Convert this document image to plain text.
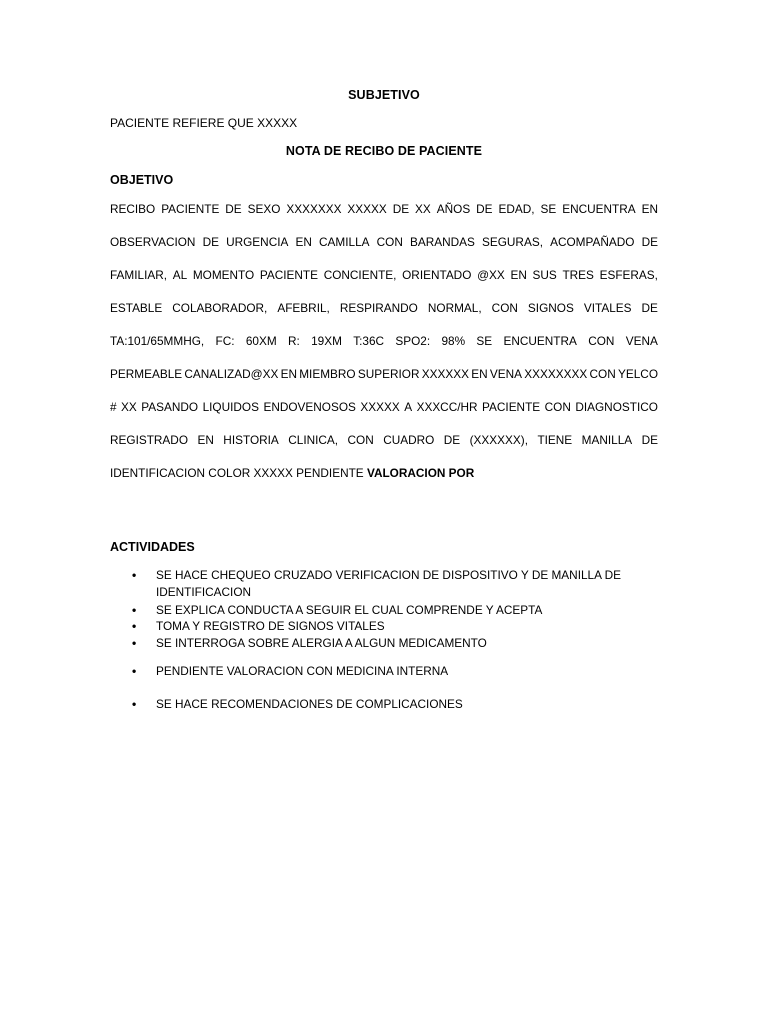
SUBJETIVO
PACIENTE REFIERE QUE XXXXX
NOTA DE RECIBO DE PACIENTE
OBJETIVO
RECIBO PACIENTE DE SEXO XXXXXXX XXXXX DE XX AÑOS DE EDAD, SE ENCUENTRA EN
OBSERVACION DE URGENCIA EN CAMILLA CON BARANDAS SEGURAS, ACOMPAÑADO DE
FAMILIAR, AL MOMENTO PACIENTE CONCIENTE, ORIENTADO @XX EN SUS TRES ESFERAS,
ESTABLE COLABORADOR, AFEBRIL, RESPIRANDO NORMAL, CON SIGNOS VITALES DE
TA:101/65MMHG, FC: 60XM R: 19XM T:36C SPO2: 98% SE ENCUENTRA CON VENA
PERMEABLE CANALIZAD@XX EN MIEMBRO SUPERIOR XXXXXX EN VENA XXXXXXXX CON YELCO
# XX PASANDO LIQUIDOS ENDOVENOSOS XXXXX A XXXCC/HR PACIENTE CON DIAGNOSTICO
REGISTRADO EN HISTORIA CLINICA, CON CUADRO DE (XXXXXX), TIENE MANILLA DE
IDENTIFICACION COLOR XXXXX PENDIENTE
VALORACION POR
ACTIVIDADES
• SE HACE CHEQUEO CRUZADO VERIFICACION DE DISPOSITIVO Y DE MANILLA DE IDENTIFICACION
• SE EXPLICA CONDUCTA A SEGUIR EL CUAL COMPRENDE Y ACEPTA
• TOMA Y REGISTRO DE SIGNOS VITALES
• SE INTERROGA SOBRE ALERGIA A ALGUN MEDICAMENTO
• PENDIENTE VALORACION CON MEDICINA INTERNA
• SE HACE RECOMENDACIONES DE COMPLICACIONES
